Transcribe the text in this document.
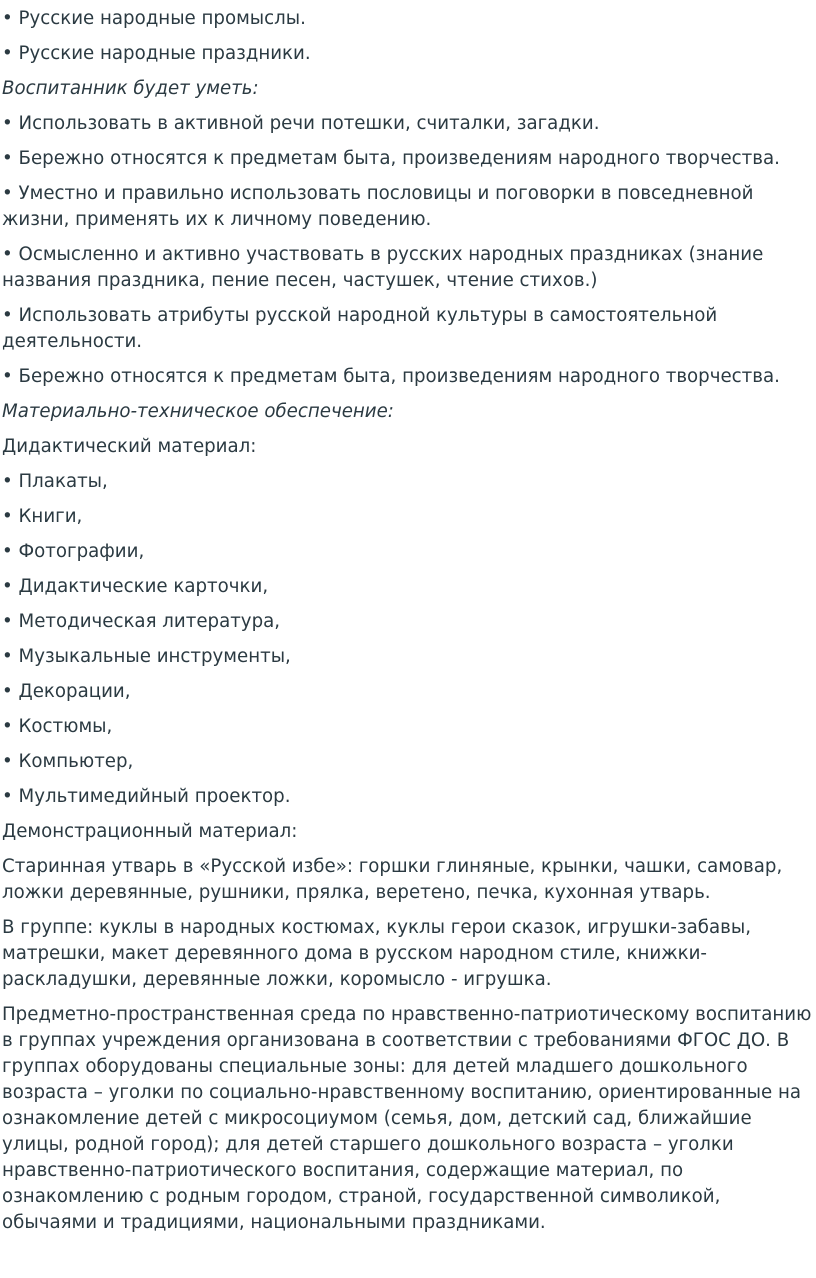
• Русские народные промыслы.

• Русские народные праздники.

Воспитанник будет уметь:

• Использовать в активной речи потешки, считалки, загадки.

• Бережно относятся к предметам быта, произведениям народного творчества.

• Уместно и правильно использовать пословицы и поговорки в повседневной жизни, применять их к личному поведению.

• Осмысленно и активно участвовать в русских народных праздниках (знание названия праздника, пение песен, частушек, чтение стихов.)

• Использовать атрибуты русской народной культуры в самостоятельной деятельности.

• Бережно относятся к предметам быта, произведениям народного творчества.

Материально-техническое обеспечение:

Дидактический материал:

• Плакаты,

• Книги,

• Фотографии,

• Дидактические карточки,

• Методическая литература,

• Музыкальные инструменты,

• Декорации,

• Костюмы,

• Компьютер,

• Мультимедийный проектор.

Демонстрационный материал:

Старинная утварь в «Русской избе»: горшки глиняные, крынки, чашки, самовар, ложки деревянные, рушники, прялка, веретено, печка, кухонная утварь.

В группе: куклы в народных костюмах, куклы герои сказок, игрушки-забавы, матрешки, макет деревянного дома в русском народном стиле, книжки-раскладушки, деревянные ложки, коромысло - игрушка.

Предметно-пространственная среда по нравственно-патриотическому воспитанию в группах учреждения организована в соответствии с требованиями ФГОС ДО. В группах оборудованы специальные зоны: для детей младшего дошкольного возраста – уголки по социально-нравственному воспитанию, ориентированные на ознакомление детей с микросоциумом (семья, дом, детский сад, ближайшие улицы, родной город); для детей старшего дошкольного возраста – уголки нравственно-патриотического воспитания, содержащие материал, по ознакомлению с родным городом, страной, государственной символикой, обычаями и традициями, национальными праздниками.
